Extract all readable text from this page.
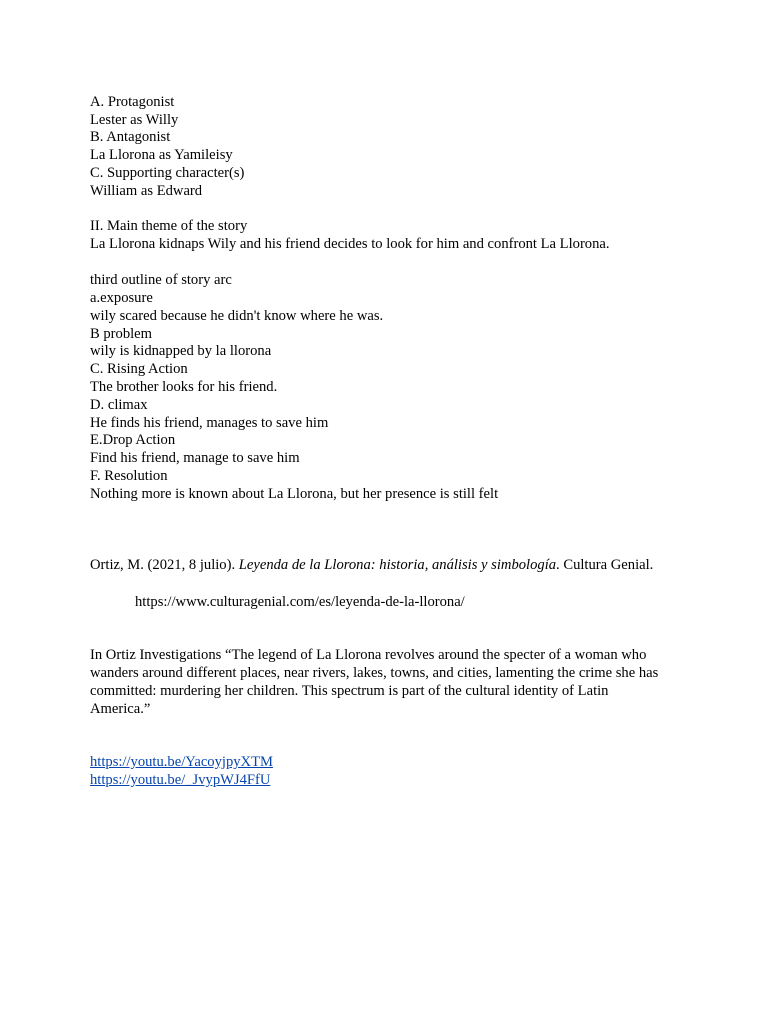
A. Protagonist
Lester as Willy
B. Antagonist
La Llorona as Yamileisy
C. Supporting character(s)
William as Edward
II. Main theme of the story
La Llorona kidnaps Wily and his friend decides to look for him and confront La Llorona.
third outline of story arc
a.exposure
wily scared because he didn't know where he was.
B problem
wily is kidnapped by la llorona
C. Rising Action
The brother looks for his friend.
D. climax
He finds his friend, manages to save him
E.Drop Action
Find his friend, manage to save him
F. Resolution
Nothing more is known about La Llorona, but her presence is still felt
Ortiz, M. (2021, 8 julio). Leyenda de la Llorona: historia, análisis y simbología. Cultura Genial.
https://www.culturagenial.com/es/leyenda-de-la-llorona/
In Ortiz Investigations “The legend of La Llorona revolves around the specter of a woman who
wanders around different places, near rivers, lakes, towns, and cities, lamenting the crime she has
committed: murdering her children. This spectrum is part of the cultural identity of Latin
America.”
https://youtu.be/YacoyjpyXTM
https://youtu.be/_JvypWJ4FfU
